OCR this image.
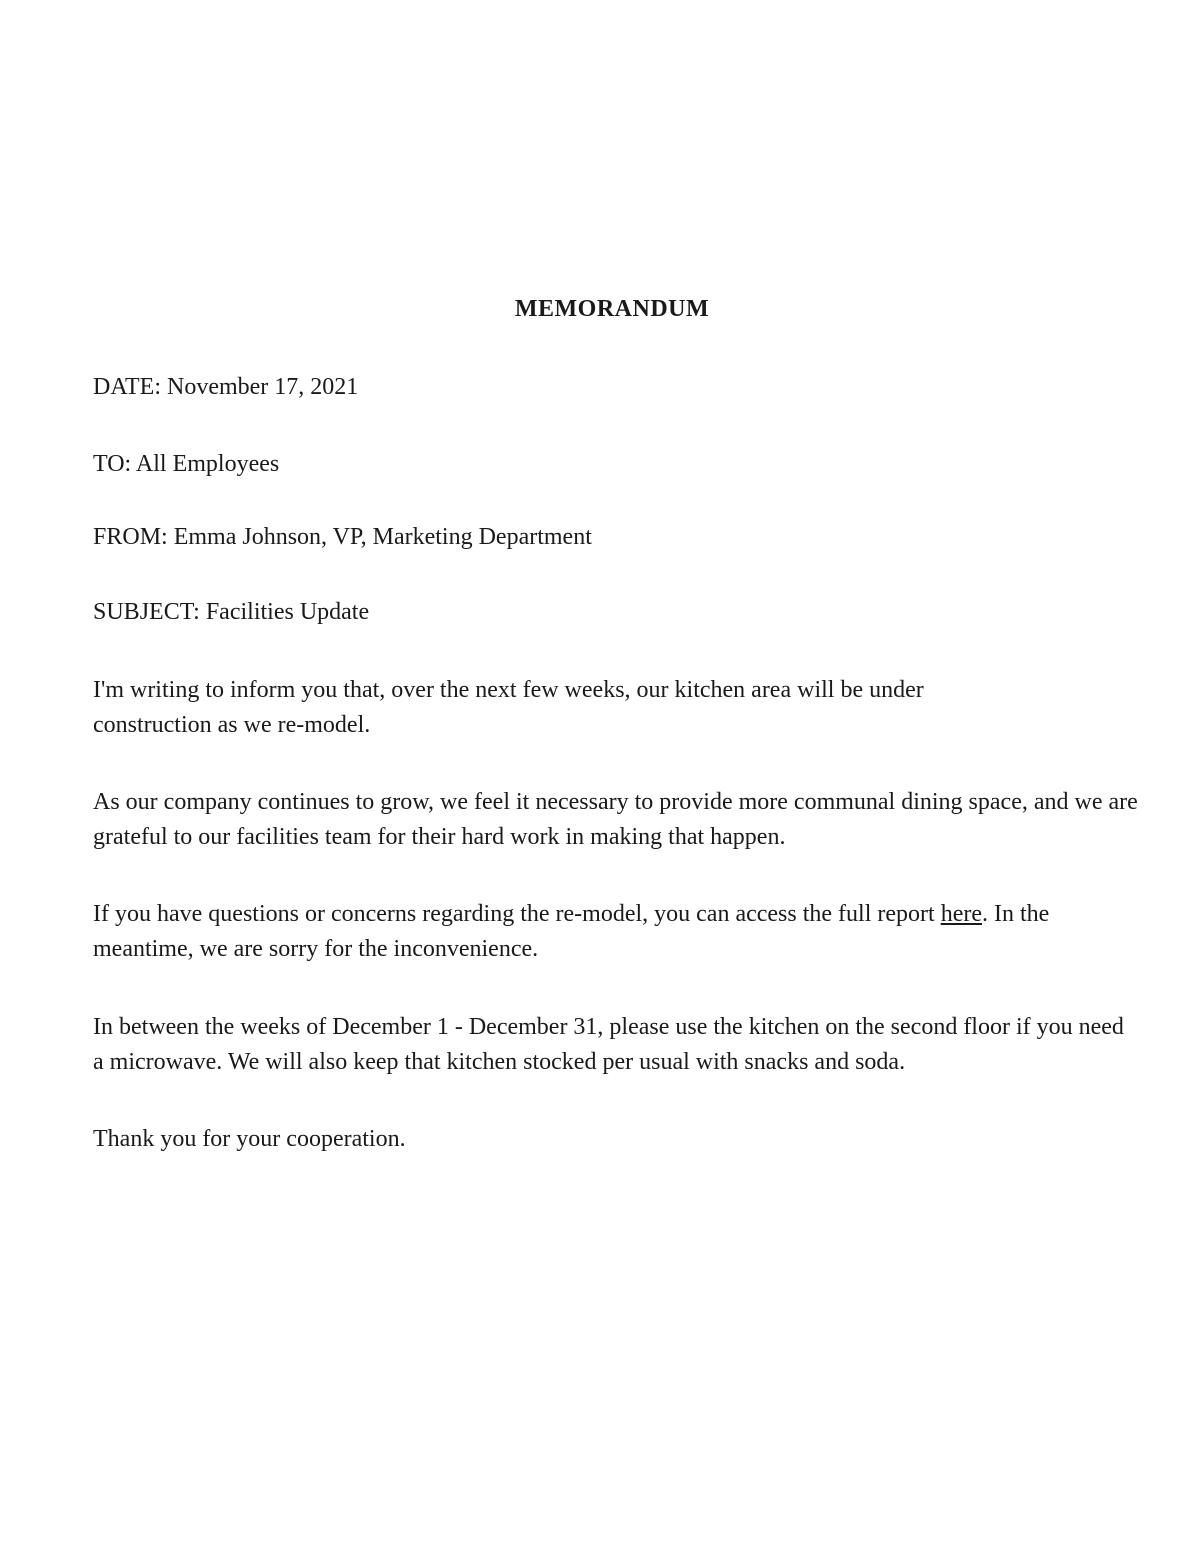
MEMORANDUM
DATE: November 17, 2021
TO: All Employees
FROM: Emma Johnson, VP, Marketing Department
SUBJECT: Facilities Update

I'm writing to inform you that, over the next few weeks, our kitchen area will be under construction as we re-model.

As our company continues to grow, we feel it necessary to provide more communal dining space, and we are grateful to our facilities team for their hard work in making that happen.

If you have questions or concerns regarding the re-model, you can access the full report here. In the meantime, we are sorry for the inconvenience.

In between the weeks of December 1 - December 31, please use the kitchen on the second floor if you need a microwave. We will also keep that kitchen stocked per usual with snacks and soda.

Thank you for your cooperation.
